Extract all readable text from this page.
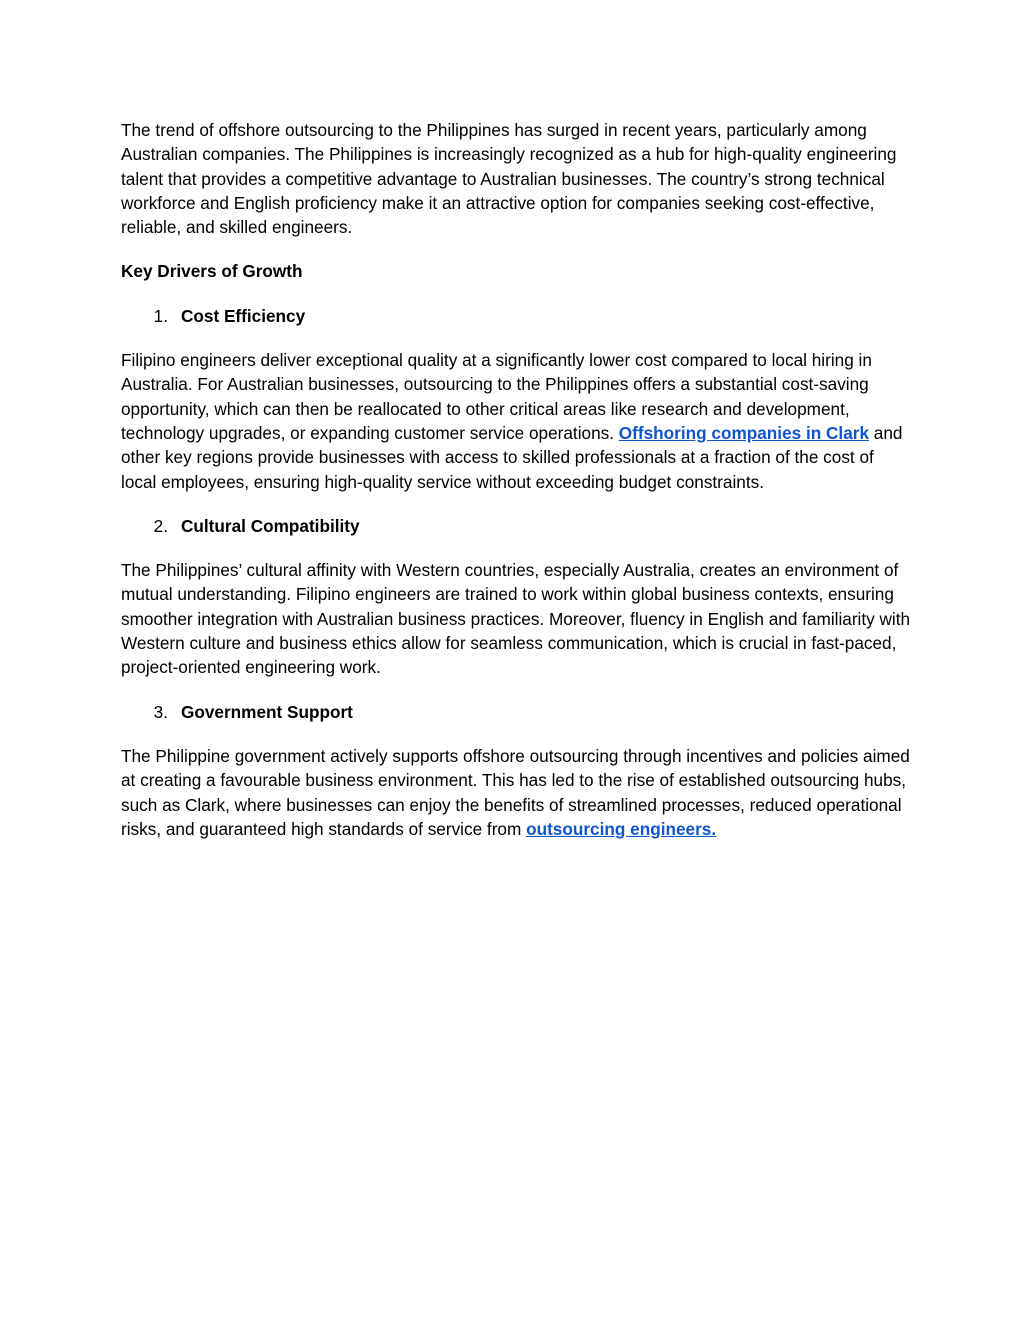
The trend of offshore outsourcing to the Philippines has surged in recent years, particularly among Australian companies. The Philippines is increasingly recognized as a hub for high-quality engineering talent that provides a competitive advantage to Australian businesses. The country’s strong technical workforce and English proficiency make it an attractive option for companies seeking cost-effective, reliable, and skilled engineers.

Key Drivers of Growth

1. Cost Efficiency

Filipino engineers deliver exceptional quality at a significantly lower cost compared to local hiring in Australia. For Australian businesses, outsourcing to the Philippines offers a substantial cost-saving opportunity, which can then be reallocated to other critical areas like research and development, technology upgrades, or expanding customer service operations. Offshoring companies in Clark and other key regions provide businesses with access to skilled professionals at a fraction of the cost of local employees, ensuring high-quality service without exceeding budget constraints.

2. Cultural Compatibility

The Philippines’ cultural affinity with Western countries, especially Australia, creates an environment of mutual understanding. Filipino engineers are trained to work within global business contexts, ensuring smoother integration with Australian business practices. Moreover, fluency in English and familiarity with Western culture and business ethics allow for seamless communication, which is crucial in fast-paced, project-oriented engineering work.

3. Government Support

The Philippine government actively supports offshore outsourcing through incentives and policies aimed at creating a favourable business environment. This has led to the rise of established outsourcing hubs, such as Clark, where businesses can enjoy the benefits of streamlined processes, reduced operational risks, and guaranteed high standards of service from outsourcing engineers.
